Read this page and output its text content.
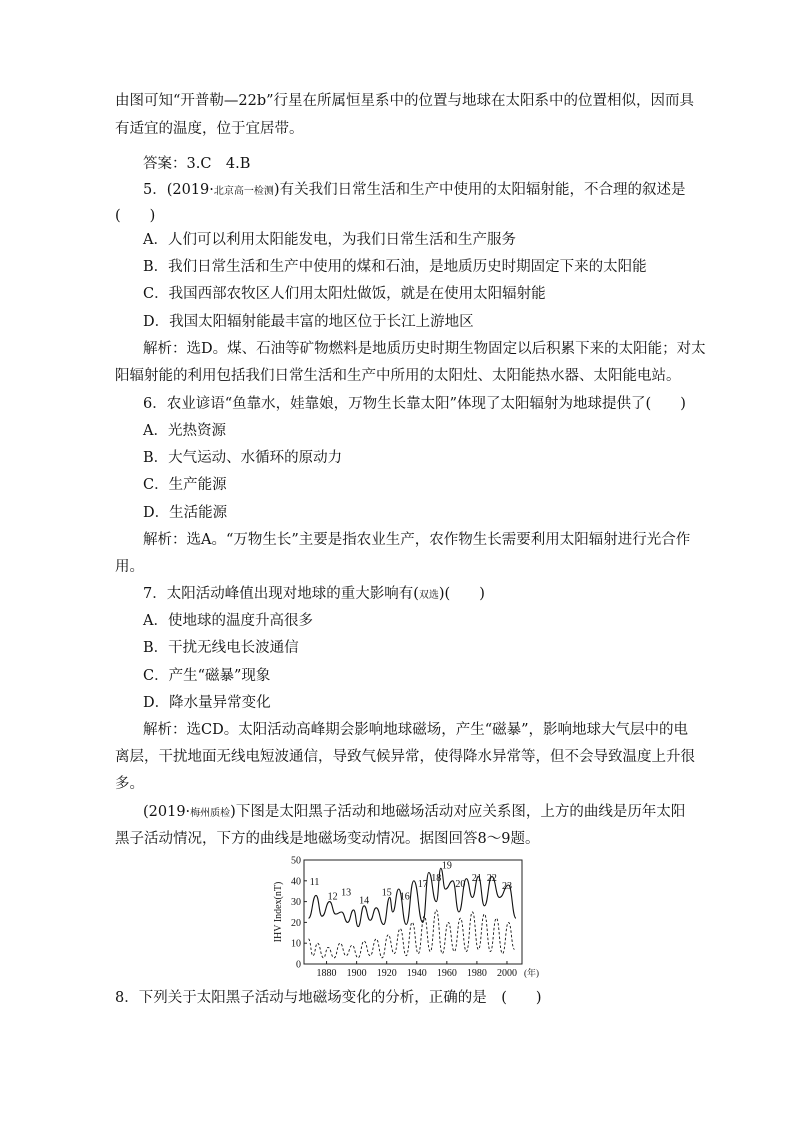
由图可知“开普勒—22b”行星在所属恒星系中的位置与地球在太阳系中的位置相似，因而具
有适宜的温度，位于宜居带。
答案：3.C　4.B
5．(2019·北京高一检测)有关我们日常生活和生产中使用的太阳辐射能，不合理的叙述是
(　　)
A．人们可以利用太阳能发电，为我们日常生活和生产服务
B．我们日常生活和生产中使用的煤和石油，是地质历史时期固定下来的太阳能
C．我国西部农牧区人们用太阳灶做饭，就是在使用太阳辐射能
D．我国太阳辐射能最丰富的地区位于长江上游地区
解析：选D。煤、石油等矿物燃料是地质历史时期生物固定以后积累下来的太阳能；对太
阳辐射能的利用包括我们日常生活和生产中所用的太阳灶、太阳能热水器、太阳能电站。
6．农业谚语“鱼靠水，娃靠娘，万物生长靠太阳”体现了太阳辐射为地球提供了(　　)
A．光热资源
B．大气运动、水循环的原动力
C．生产能源
D．生活能源
解析：选A。“万物生长”主要是指农业生产，农作物生长需要利用太阳辐射进行光合作
用。
7．太阳活动峰值出现对地球的重大影响有(双选)(　　)
A．使地球的温度升高很多
B．干扰无线电长波通信
C．产生“磁暴”现象
D．降水量异常变化
解析：选CD。太阳活动高峰期会影响地球磁场，产生“磁暴”，影响地球大气层中的电
离层，干扰地面无线电短波通信，导致气候异常，使得降水异常等，但不会导致温度上升很
多。
(2019·梅州质检)下图是太阳黑子活动和地磁场活动对应关系图，上方的曲线是历年太阳
黑子活动情况，下方的曲线是地磁场变动情况。据图回答8～9题。
50
40
30
20
10
0
1880 1900 1920 1940 1960 1980 2000 (年)
IHV Index(nT)	11
12 13
14
15 16
17
18
19
20
21 22
23
8．下列关于太阳黑子活动与地磁场变化的分析，正确的是　(　　)
